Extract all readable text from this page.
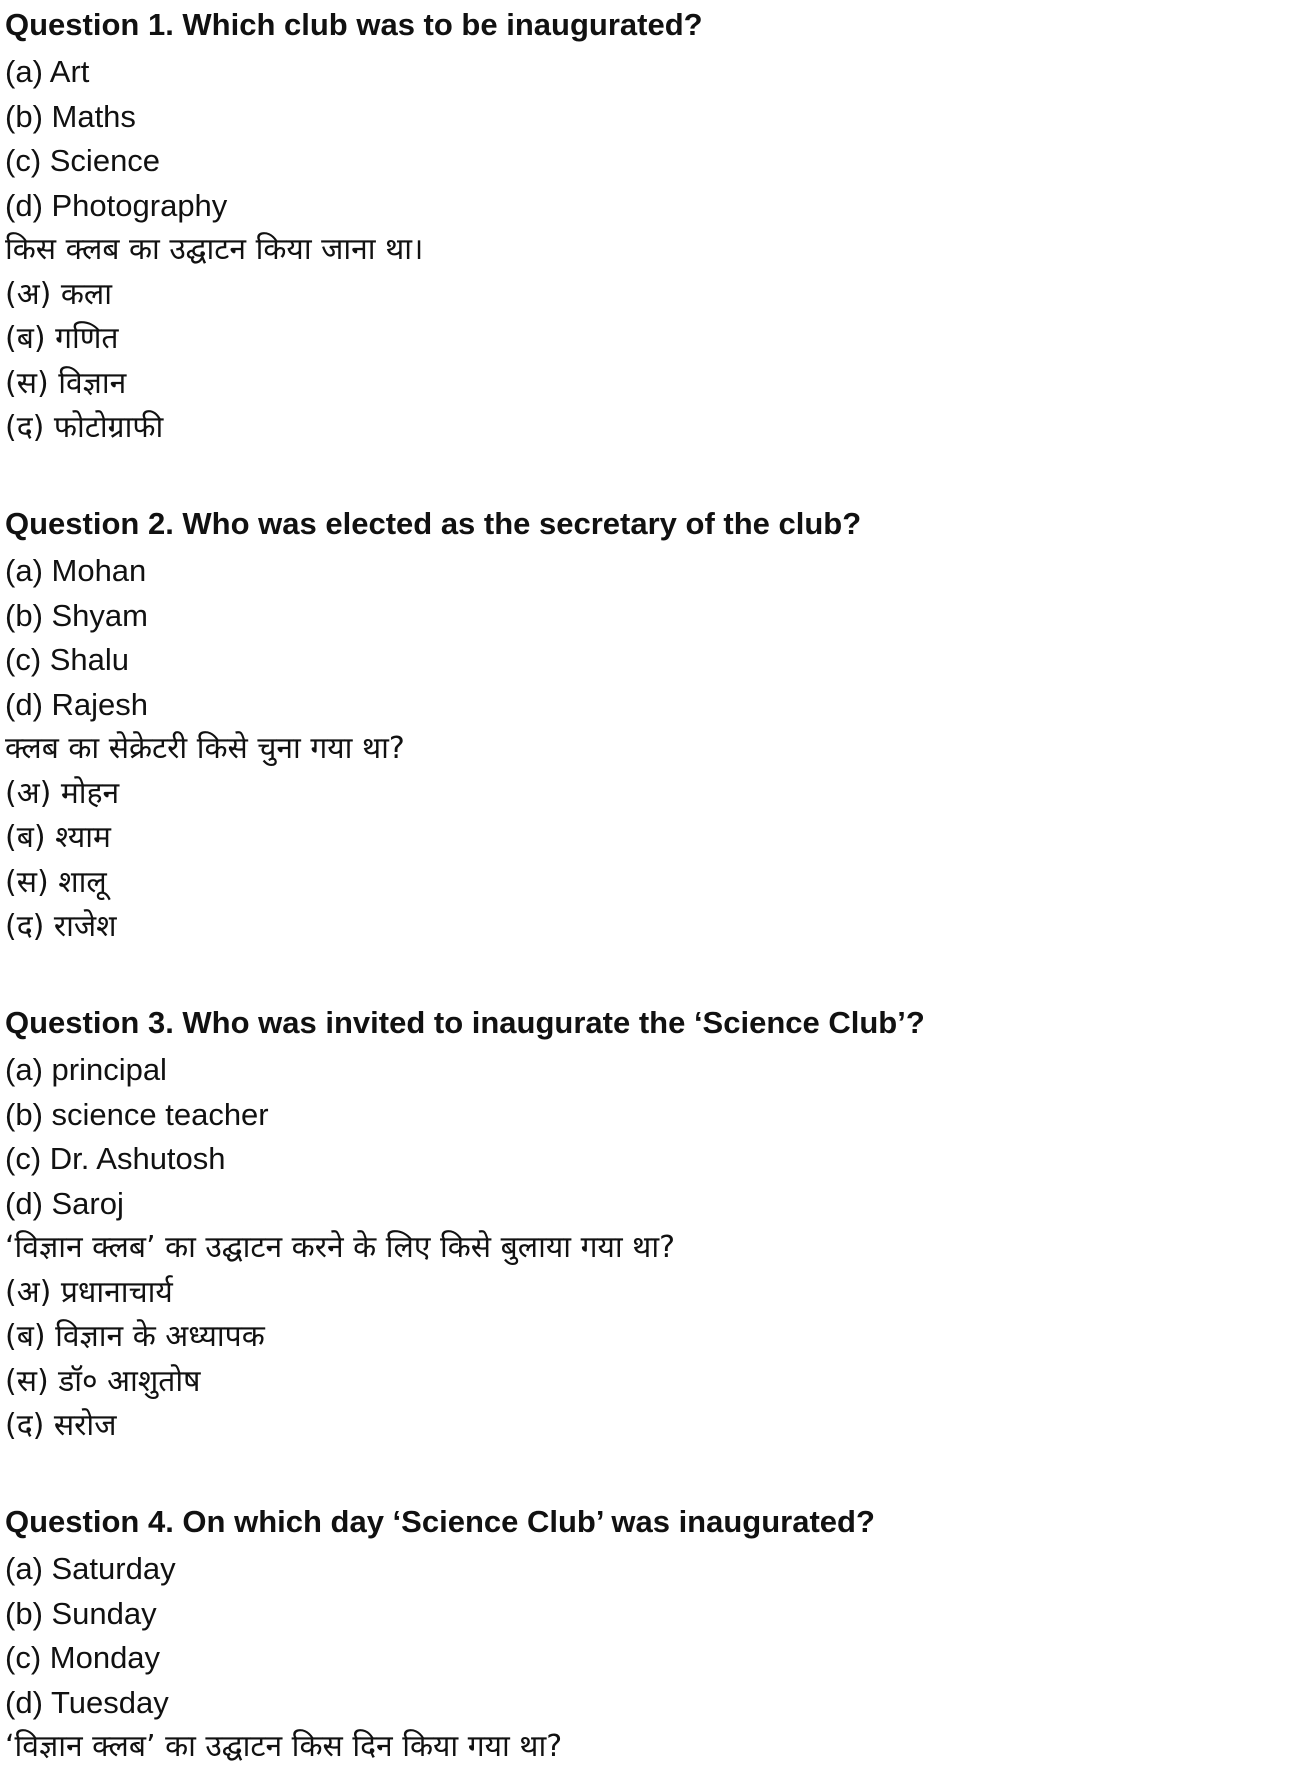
Question 1. Which club was to be inaugurated?
(a) Art
(b) Maths
(c) Science
(d) Photography
किस क्लब का उद्घाटन किया जाना था।
(अ) कला
(ब) गणित
(स) विज्ञान
(द) फोटोग्राफी
Question 2. Who was elected as the secretary of the club?
(a) Mohan
(b) Shyam
(c) Shalu
(d) Rajesh
क्लब का सेक्रेटरी किसे चुना गया था?
(अ) मोहन
(ब) श्याम
(स) शालू
(द) राजेश
Question 3. Who was invited to inaugurate the ‘Science Club’?
(a) principal
(b) science teacher
(c) Dr. Ashutosh
(d) Saroj
‘विज्ञान क्लब’ का उद्घाटन करने के लिए किसे बुलाया गया था?
(अ) प्रधानाचार्य
(ब) विज्ञान के अध्यापक
(स) डॉ० आशुतोष
(द) सरोज
Question 4. On which day ‘Science Club’ was inaugurated?
(a) Saturday
(b) Sunday
(c) Monday
(d) Tuesday
‘विज्ञान क्लब’ का उद्घाटन किस दिन किया गया था?
